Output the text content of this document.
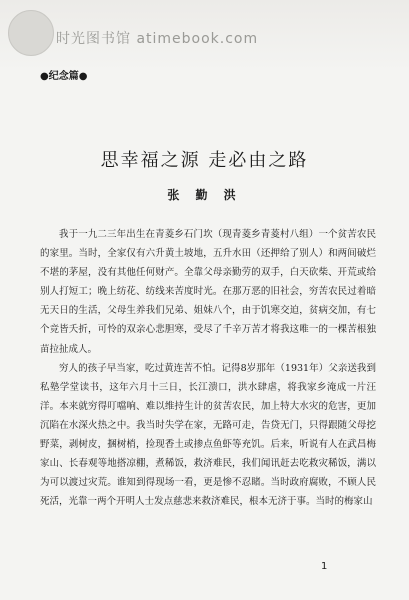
时光图书馆 atimebook.com
●纪念篇●
思幸福之源 走必由之路
张 勤 洪

我于一九二三年出生在青菱乡石门坎（现青菱乡青菱村八组）一个贫苦农民的家里。当时，全家仅有六升黄土坡地，五升水田（还押给了别人）和两间破烂不堪的茅屋，没有其他任何财产。全靠父母亲勤劳的双手，白天砍柴、开荒或给别人打短工；晚上纺花、纺线来苦度时光。在那万恶的旧社会，穷苦农民过着暗无天日的生活，父母生养我们兄弟、姐妹八个，由于饥寒交迫，贫病交加，有七个竞皆夭折，可怜的双亲心悲胆寒，受尽了千辛万苦才将我这唯一的一棵苦根独苗拉扯成人。

穷人的孩子早当家，吃过黄连苦不怕。记得8岁那年（1931年）父亲送我到私塾学堂读书，这年六月十三日，长江溃口，洪水肆虐，将我家乡淹成一片汪洋。本来就穷得叮噹响、难以维持生计的贫苦农民，加上特大水灾的危害，更加沉陷在水深火热之中。我当时失学在家，无路可走，告贷无门，只得跟随父母挖野菜，剥树皮，捆树梢，捡现香土或掺点鱼虾等充饥。后来，听说有人在武昌梅家山、长春观等地搭凉棚，煮稀饭，救济难民，我们闻讯赶去吃救灾稀饭，满以为可以渡过灾荒。谁知到得现场一看，更是惨不忍睹。当时政府腐败，不顾人民死活，光靠一两个开明人士发点慈悲来救济难民，根本无济于事。当时的梅家山

1
